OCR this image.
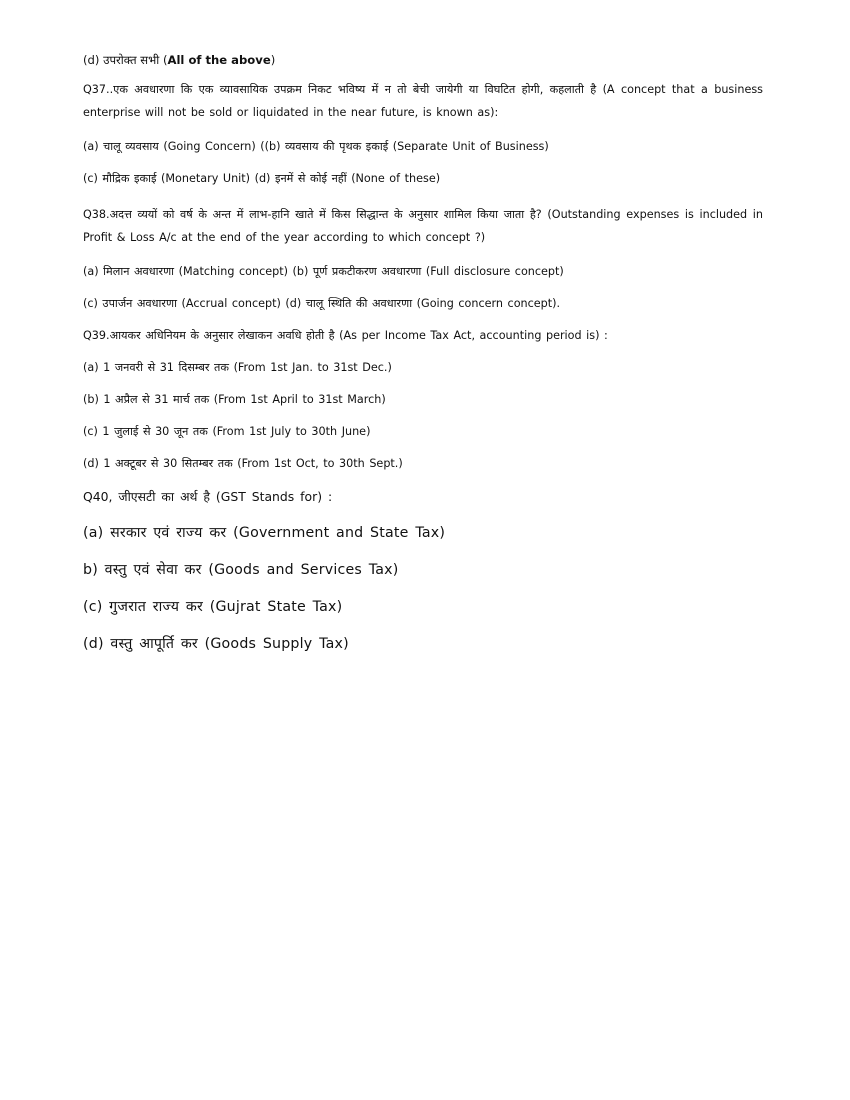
(d) उपरोक्त सभी (All of the above)
Q37..एक अवधारणा कि एक व्यावसायिक उपक्रम निकट भविष्य में न तो बेची जायेगी या विघटित होगी, कहलाती है (A concept that a business enterprise will not be sold or liquidated in the near future, is known as):
(a) चालू व्यवसाय (Going Concern) ((b) व्यवसाय की पृथक इकाई (Separate Unit of Business)
(c) मौद्रिक इकाई (Monetary Unit) (d) इनमें से कोई नहीं (None of these)
Q38.अदत्त व्ययों को वर्ष के अन्त में लाभ-हानि खाते में किस सिद्धान्त के अनुसार शामिल किया जाता है? (Outstanding expenses is included in Profit & Loss A/c at the end of the year according to which concept ?)
(a) मिलान अवधारणा (Matching concept) (b) पूर्ण प्रकटीकरण अवधारणा (Full disclosure concept)
(c) उपार्जन अवधारणा (Accrual concept) (d) चालू स्थिति की अवधारणा (Going concern concept).
Q39.आयकर अधिनियम के अनुसार लेखाकन अवधि होती है (As per Income Tax Act, accounting period is) :
(a) 1 जनवरी से 31 दिसम्बर तक (From 1st Jan. to 31st Dec.)
(b) 1 अप्रैल से 31 मार्च तक (From 1st April to 31st March)
(c) 1 जुलाई से 30 जून तक (From 1st July to 30th June)
(d) 1 अक्टूबर से 30 सितम्बर तक (From 1st Oct, to 30th Sept.)
Q40, जीएसटी का अर्थ है (GST Stands for) :
(a) सरकार एवं राज्य कर (Government and State Tax)
b) वस्तु एवं सेवा कर (Goods and Services Tax)
(c) गुजरात राज्य कर (Gujrat State Tax)
(d) वस्तु आपूर्ति कर (Goods Supply Tax)
